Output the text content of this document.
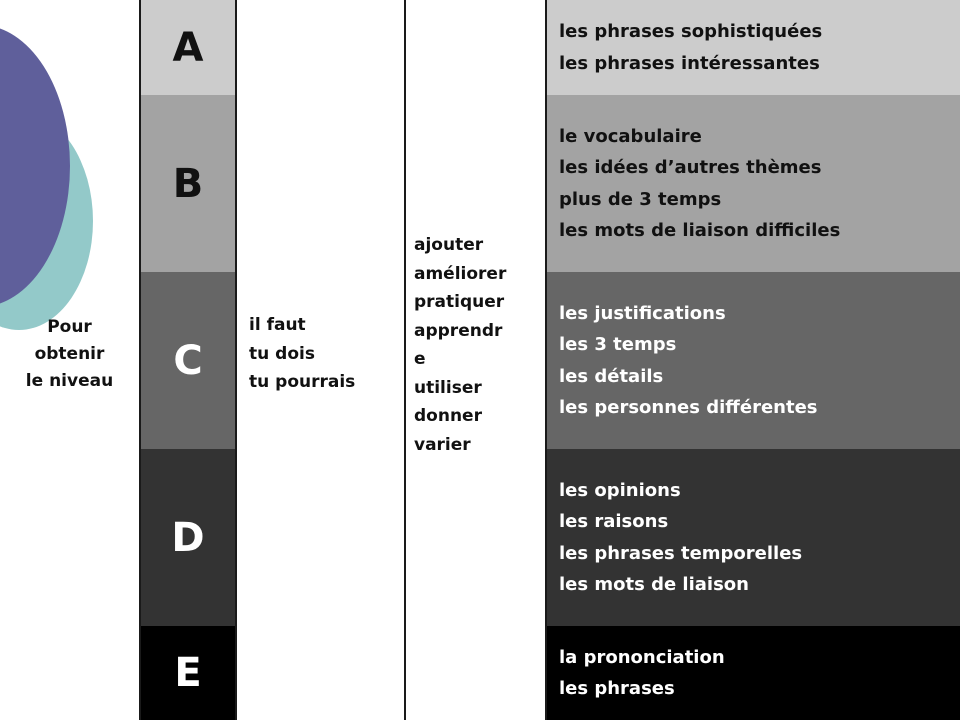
Pour
obtenir
le niveau
A
B
C
D
E
il faut
tu dois
tu pourrais
ajouter
améliorer
pratiquer
apprendr
e
utiliser
donner
varier
les phrases sophistiquées
les phrases intéressantes
le vocabulaire
les idées d’autres thèmes
plus de 3 temps
les mots de liaison difficiles
les justifications
les 3 temps
les détails
les personnes différentes
les opinions
les raisons
les phrases temporelles
les mots de liaison
la prononciation
les phrases
